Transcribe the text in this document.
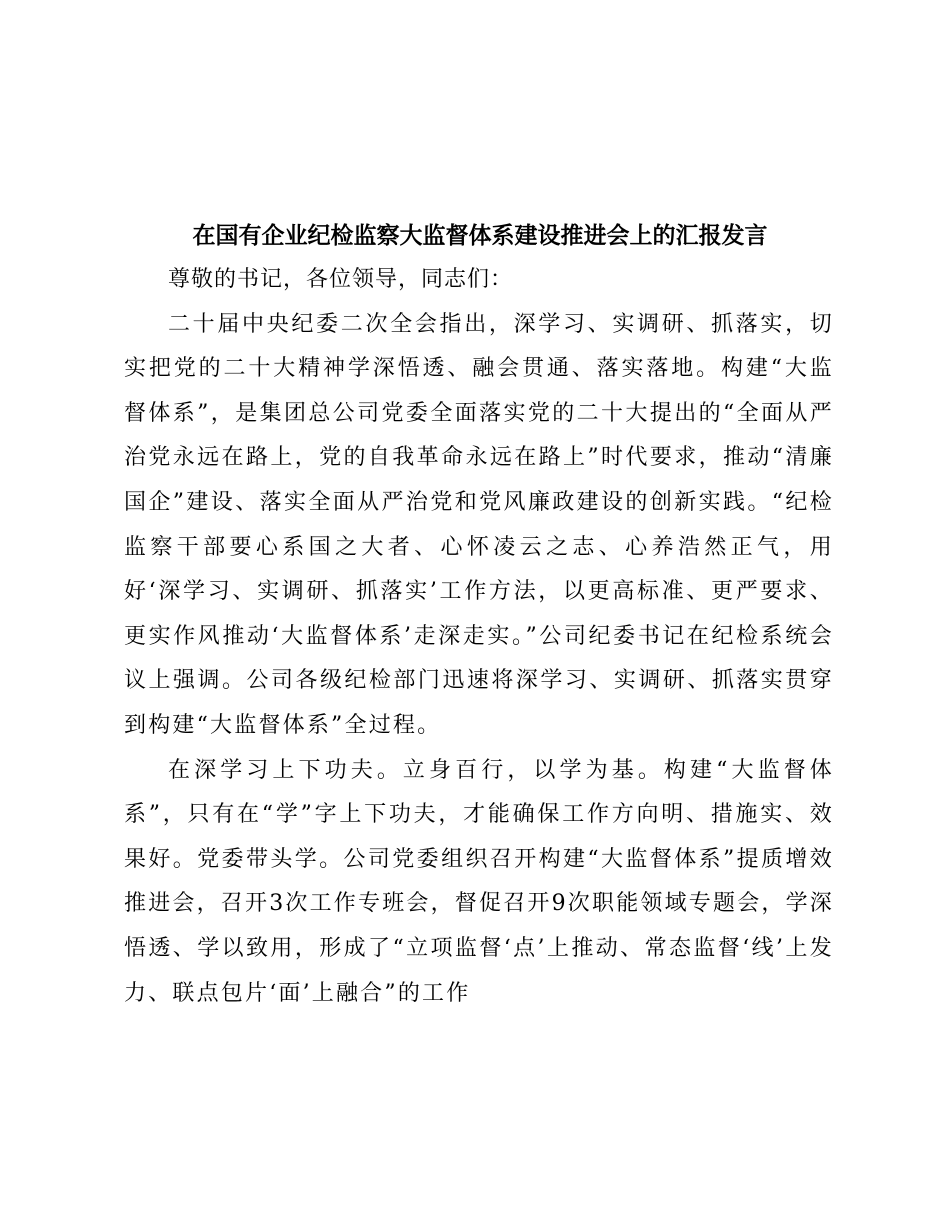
在国有企业纪检监察大监督体系建设推进会上的汇报发言

尊敬的书记，各位领导，同志们：

二十届中央纪委二次全会指出，深学习、实调研、抓落实，切实把党的二十大精神学深悟透、融会贯通、落实落地。构建“大监督体系”，是集团总公司党委全面落实党的二十大提出的“全面从严治党永远在路上，党的自我革命永远在路上”时代要求，推动“清廉国企”建设、落实全面从严治党和党风廉政建设的创新实践。“纪检监察干部要心系国之大者、心怀凌云之志、心养浩然正气，用好‘深学习、实调研、抓落实’工作方法，以更高标准、更严要求、更实作风推动‘大监督体系’走深走实。”公司纪委书记在纪检系统会议上强调。公司各级纪检部门迅速将深学习、实调研、抓落实贯穿到构建“大监督体系”全过程。

在深学习上下功夫。立身百行，以学为基。构建“大监督体系”，只有在“学”字上下功夫，才能确保工作方向明、措施实、效果好。党委带头学。公司党委组织召开构建“大监督体系”提质增效推进会，召开3次工作专班会，督促召开9次职能领域专题会，学深悟透、学以致用，形成了“立项监督‘点’上推动、常态监督‘线’上发力、联点包片‘面’上融合”的工作
